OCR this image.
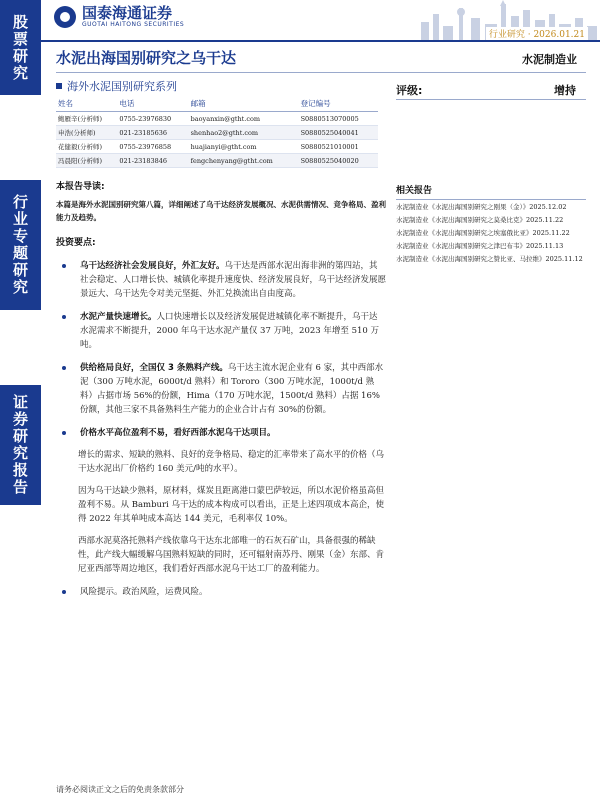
股票研究
行业专题研究
证券研究报告
国泰海通证券
GUOTAI HAITONG SECURITIES
行业研究 · 2026.01.21
水泥出海国别研究之乌干达	水泥制造业
海外水泥国别研究系列
姓名	电话	邮箱	登记编号
鲍雁辛(分析师)	0755-23976830	baoyanxin@gtht.com	S0880513070005
申浩(分析师)	021-23185636	shenhao2@gtht.com	S0880525040041
花健毅(分析师)	0755-23976858	huajianyi@gtht.com	S0880521010001
冯晨阳(分析师)	021-23183846	fengchenyang@gtht.com	S0880525040020
评级:	增持
相关报告
水泥制造业《水泥出海国别研究之刚果（金）》2025.12.02
水泥制造业《水泥出海国别研究之莫桑比克》2025.11.22
水泥制造业《水泥出海国别研究之埃塞俄比亚》2025.11.22
水泥制造业《水泥出海国别研究之津巴布韦》2025.11.13
水泥制造业《水泥出海国别研究之赞比亚、马拉维》2025.11.12
本报告导读:
本篇是海外水泥国别研究第八篇，详细阐述了乌干达经济发展概况、水泥供需情况、竞争格局、盈利能力及趋势。
投资要点:
乌干达经济社会发展良好，外汇友好。乌干达是西部水泥出海非洲的第四站，其社会稳定、人口增长快、城镇化率提升速度快、经济发展良好，乌干达经济发展愿景远大、乌干达先令对美元坚挺、外汇兑换流出自由度高。
水泥产量快速增长。人口快速增长以及经济发展促进城镇化率不断提升，乌干达水泥需求不断提升，2000 年乌干达水泥产量仅 37 万吨，2023 年增至 510 万吨。
供给格局良好，全国仅 3 条熟料产线。乌干达主流水泥企业有 6 家，其中西部水泥（300 万吨水泥，6000t/d 熟料）和 Tororo（300 万吨水泥，1000t/d 熟料）占据市场 56%的份额，Hima（170 万吨水泥，1500t/d 熟料）占据 16%份额，其他三家不具备熟料生产能力的企业合计占有 30%的份额。
价格水平高位盈利不易，看好西部水泥乌干达项目。
增长的需求、短缺的熟料、良好的竞争格局、稳定的汇率带来了高水平的价格（乌干达水泥出厂价格约 160 美元/吨的水平）。
因为乌干达缺少熟料，原材料，煤炭且距离港口蒙巴萨较远，所以水泥价格虽高但盈利不易。从 Bamburi 乌干达的成本构成可以看出，正是上述四项成本高企，使得 2022 年其单吨成本高达 144 美元，毛利率仅 10%。
西部水泥莫洛托熟料产线依靠乌干达东北部唯一的石灰石矿山，具备很强的稀缺性，此产线大幅缓解乌国熟料短缺的同时，还可辐射南苏丹、刚果（金）东部、肯尼亚西部等周边地区，我们看好西部水泥乌干达工厂的盈利能力。
风险提示。政治风险，运费风险。
请务必阅读正文之后的免责条款部分
